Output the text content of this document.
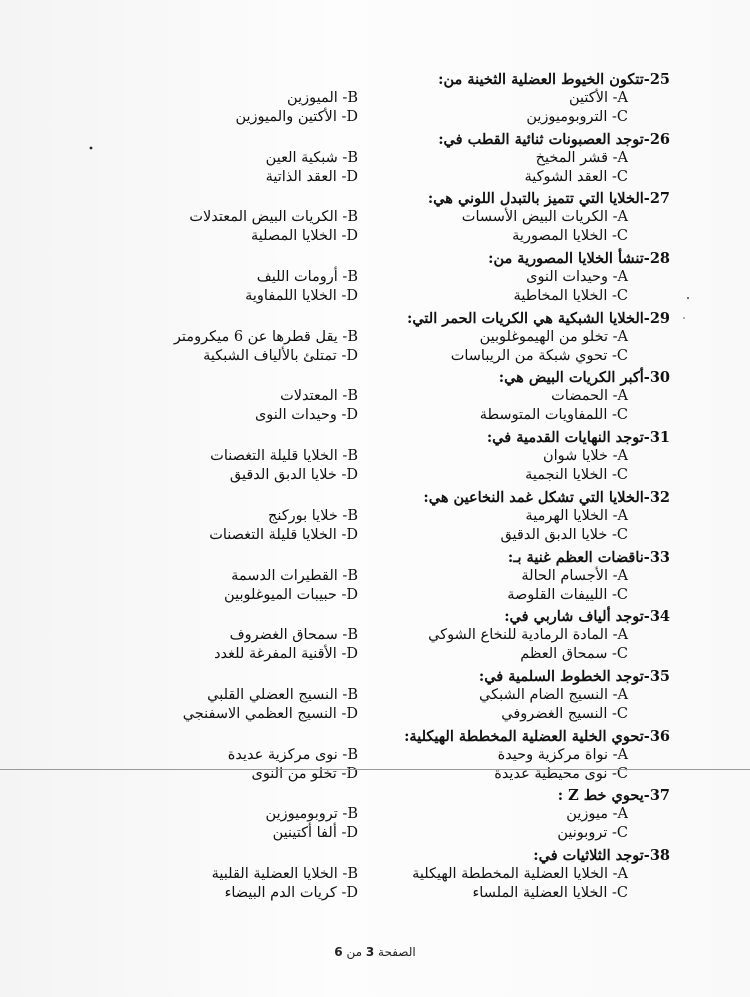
25-تتكون الخيوط العضلية الثخينة من:
A- الأكتين
B- الميوزين
C- التروبوميوزين
D- الأكتين والميوزين
26-توجد العصبونات ثنائية القطب في:
A- قشر المخيخ
B- شبكية العين
C- العقد الشوكية
D- العقد الذاتية
27-الخلايا التي تتميز بالتبدل اللوني هي:
A- الكريات البيض الأسسات
B- الكريات البيض المعتدلات
C- الخلايا المصورية
D- الخلايا المصلية
28-تنشأ الخلايا المصورية من:
A- وحيدات النوى
B- أرومات الليف
C- الخلايا المخاطية
D- الخلايا اللمفاوية
29-الخلايا الشبكية هي الكريات الحمر التي:
A- تخلو من الهيموغلوبين
B- يقل قطرها عن 6 ميكرومتر
C- تحوي شبكة من الريباسات
D- تمتلئ بالألياف الشبكية
30-أكبر الكريات البيض هي:
A- الحمضات
B- المعتدلات
C- اللمفاويات المتوسطة
D- وحيدات النوى
31-توجد النهايات القدمية في:
A- خلايا شوان
B- الخلايا قليلة التغصنات
C- الخلايا النجمية
D- خلايا الدبق الدقيق
32-الخلايا التي تشكل غمد النخاعين هي:
A- الخلايا الهرمية
B- خلايا بوركنج
C- خلايا الدبق الدقيق
D- الخلايا قليلة التغصنات
33-ناقضات العظم غنية بـ:
A- الأجسام الحالة
B- القطيرات الدسمة
C- اللييفات القلوصة
D- حبيبات الميوغلوبين
34-توجد ألياف شاربي في:
A- المادة الرمادية للنخاع الشوكي
B- سمحاق الغضروف
C- سمحاق العظم
D- الأقنية المفرغة للغدد
35-توجد الخطوط السلمية في:
A- النسيج الضام الشبكي
B- النسيج العضلي القلبي
C- النسيج الغضروفي
D- النسيج العظمي الاسفنجي
36-تحوي الخلية العضلية المخططة الهيكلية:
A- نواة مركزية وحيدة
B- نوى مركزية عديدة
C- نوى محيطية عديدة
D- تخلو من النوى
37-يحوي خط Z :
A- ميوزين
B- تروبوميوزين
C- تروبونين
D- ألفا أكتينين
38-توجد الثلاثيات في:
A- الخلايا العضلية المخططة الهيكلية
B- الخلايا العضلية القلبية
C- الخلايا العضلية الملساء
D- كريات الدم البيضاء
الصفحة 3 من 6
